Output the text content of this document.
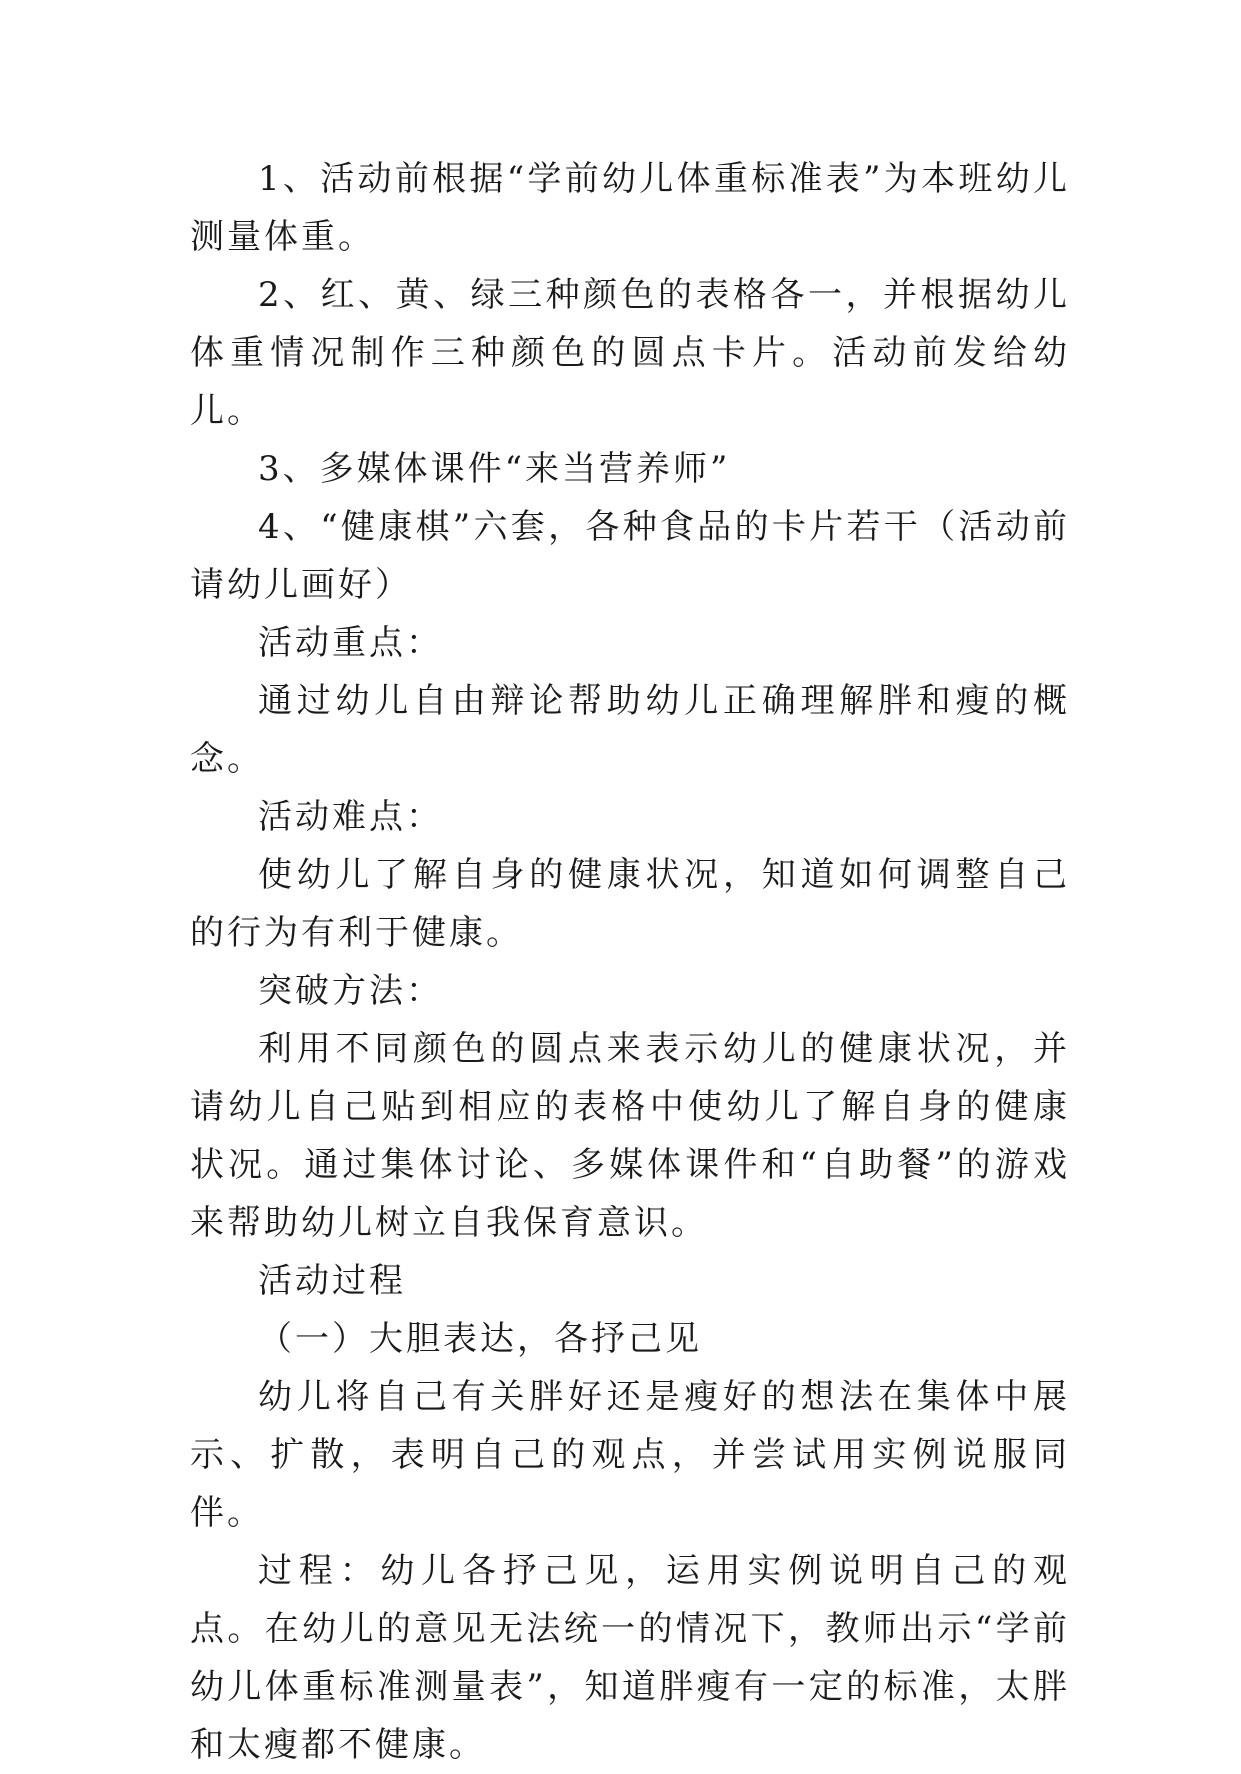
1、活动前根据“学前幼儿体重标准表”为本班幼儿测量体重。

2、红、黄、绿三种颜色的表格各一，并根据幼儿体重情况制作三种颜色的圆点卡片。活动前发给幼儿。

3、多媒体课件“来当营养师”

4、“健康棋”六套，各种食品的卡片若干（活动前请幼儿画好）

活动重点：

通过幼儿自由辩论帮助幼儿正确理解胖和瘦的概念。

活动难点：

使幼儿了解自身的健康状况，知道如何调整自己的行为有利于健康。

突破方法：

利用不同颜色的圆点来表示幼儿的健康状况，并请幼儿自己贴到相应的表格中使幼儿了解自身的健康状况。通过集体讨论、多媒体课件和“自助餐”的游戏来帮助幼儿树立自我保育意识。

活动过程

（一）大胆表达，各抒己见

幼儿将自己有关胖好还是瘦好的想法在集体中展示、扩散，表明自己的观点，并尝试用实例说服同伴。

过程：幼儿各抒己见，运用实例说明自己的观点。在幼儿的意见无法统一的情况下，教师出示“学前幼儿体重标准测量表”，知道胖瘦有一定的标准，太胖和太瘦都不健康。
